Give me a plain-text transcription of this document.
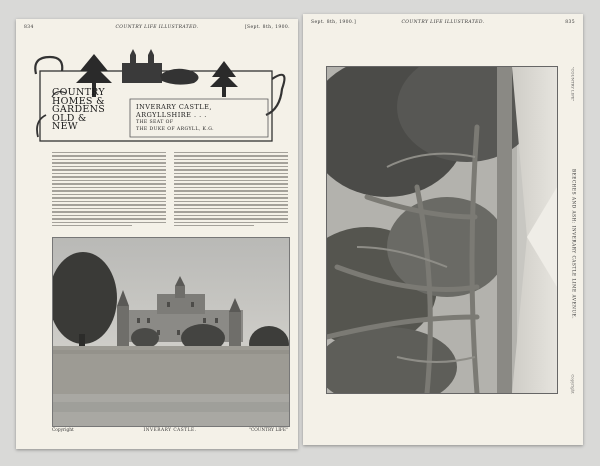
834	COUNTRY LIFE ILLUSTRATED.	[Sept. 8th, 1900.
COUNTRY
HOMES &
GARDENS
OLD & NEW
INVERARY CASTLE,
ARGYLLSHIRE . . .
THE SEAT OF
THE DUKE OF ARGYLL, K.G.
Copyright	INVERARY CASTLE.	"COUNTRY LIFE"
Sept. 8th, 1900.]	COUNTRY LIFE ILLUSTRATED.	835
"COUNTRY LIFE"
BEECHES AND ASH: INVERARY CASTLE LIME AVENUE.
Copyright
